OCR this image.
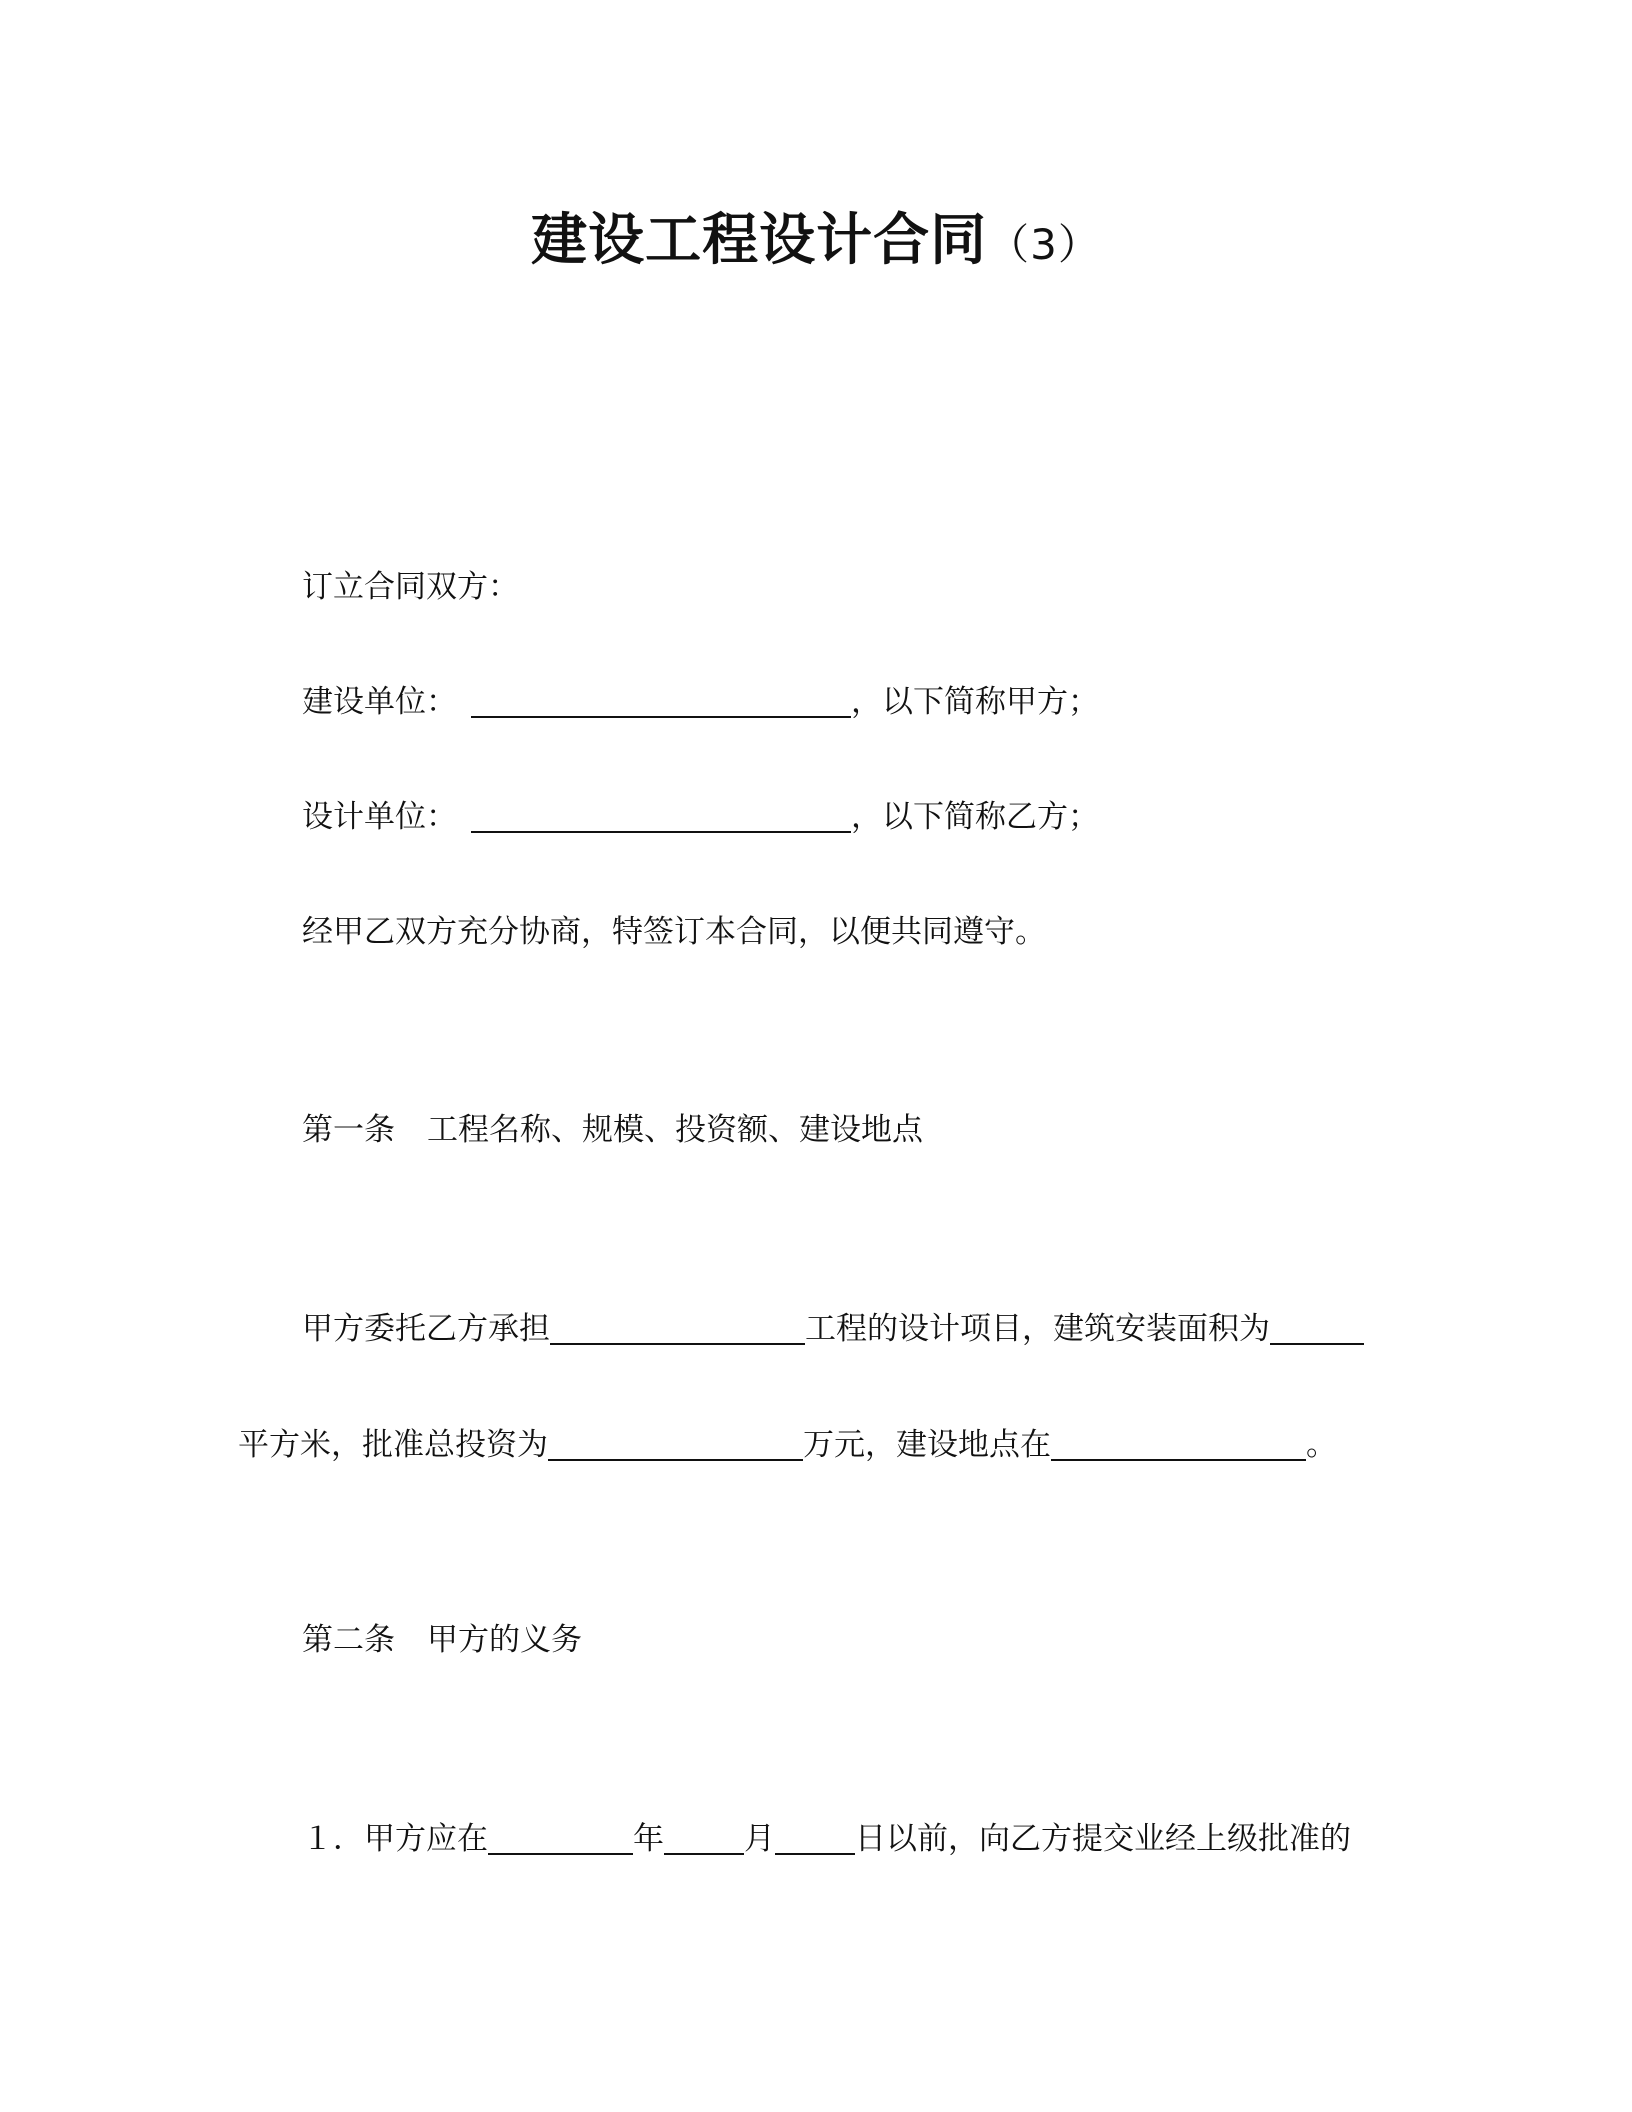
建设工程设计合同（3）
订立合同双方：
建设单位：	，以下简称甲方；
设计单位：	，以下简称乙方；
经甲乙双方充分协商，特签订本合同，以便共同遵守。
第一条 工程名称、规模、投资额、建设地点
甲方委托乙方承担	工程的设计项目，建筑安装面积为
平方米，批准总投资为	万元，建设地点在	。
第二条 甲方的义务
１．甲方应在	年	月	日以前，向乙方提交业经上级批准的
